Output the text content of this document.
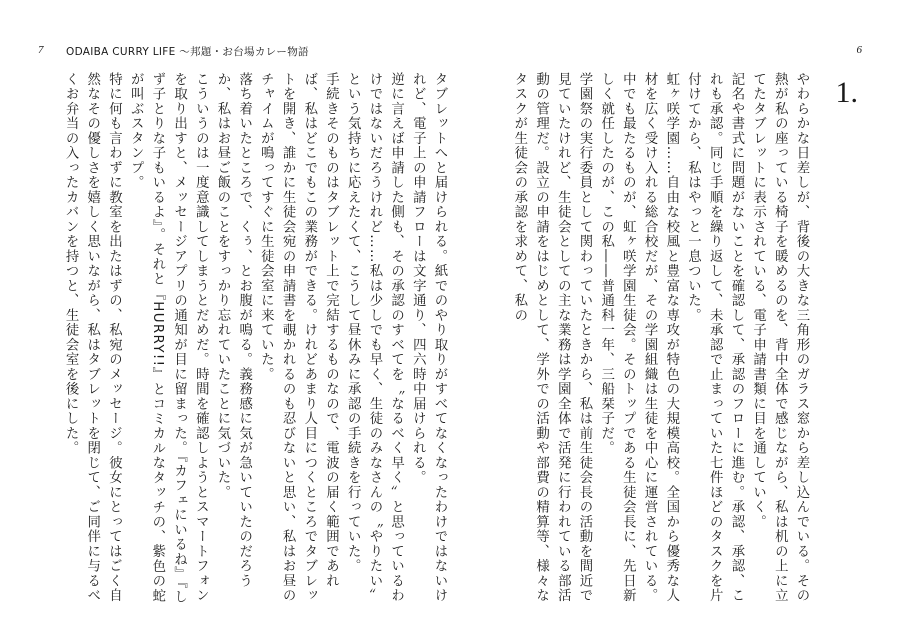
7 ODAIBA CURRY LIFE ～邦題・お台場カレー物語

タブレットへと届けられる。紙でのやり取りがすべてなくなったわけではないけれど、電子上の申請フローは文字通り、四六時中届けられる。

逆に言えば申請した側も、その承認のすべてを〝なるべく早く〟と思っているわけではないだろうけれど……私は少しでも早く、生徒のみなさんの〝やりたい〟という気持ちに応えたくて、こうして昼休みに承認の手続きを行っていた。

手続きそのものはタブレット上で完結するものなので、電波の届く範囲であれば、私はどこでもこの業務ができる。けれどあまり人目につくところでタブレットを開き、誰かに生徒会宛の申請書を覗かれるのも忍びないと思い、私はお昼のチャイムが鳴ってすぐに生徒会室に来ていた。

落ち着いたところで、くぅ、とお腹が鳴る。義務感に気が急いていたのだろうか、私はお昼ご飯のことをすっかり忘れていたことに気づいた。

こういうのは一度意識してしまうとだめだ。時間を確認しようとスマートフォンを取り出すと、メッセージアプリの通知が目に留まった。『カフェにいるね』『しず子とりな子もいるよ』。それと『HURRY!!』とコミカルなタッチの、紫色の蛇が叫ぶスタンプ。

特に何も言わずに教室を出たはずの、私宛のメッセージ。彼女にとってはごく自然なその優しさを嬉しく思いながら、私はタブレットを閉じて、ご同伴に与るべくお弁当の入ったカバンを持つと、生徒会室を後にした。

6
1.

やわらかな日差しが、背後の大きな三角形のガラス窓から差し込んでいる。その熱が私の座っている椅子を暖めるのを、背中全体で感じながら、私は机の上に立てたタブレットに表示されている、電子申請書類に目を通していく。

記名や書式に問題がないことを確認して、承認のフローに進む。承認、承認、これも承認。同じ手順を繰り返して、未承認で止まっていた七件ほどのタスクを片付けてから、私はやっと一息ついた。

虹ヶ咲学園……自由な校風と豊富な専攻が特色の大規模高校。全国から優秀な人材を広く受け入れる総合校だが、その学園組織は生徒を中心に運営されている。中でも最たるものが、虹ヶ咲学園生徒会。そのトップである生徒会長に、先日新しく就任したのが、この私――普通科一年、三船栞子だ。

学園祭の実行委員として関わっていたときから、私は前生徒会長の活動を間近で見ていたけれど、生徒会としての主な業務は学園全体で活発に行われている部活動の管理だ。設立の申請をはじめとして、学外での活動や部費の精算等、様々なタスクが生徒会の承認を求めて、私の
